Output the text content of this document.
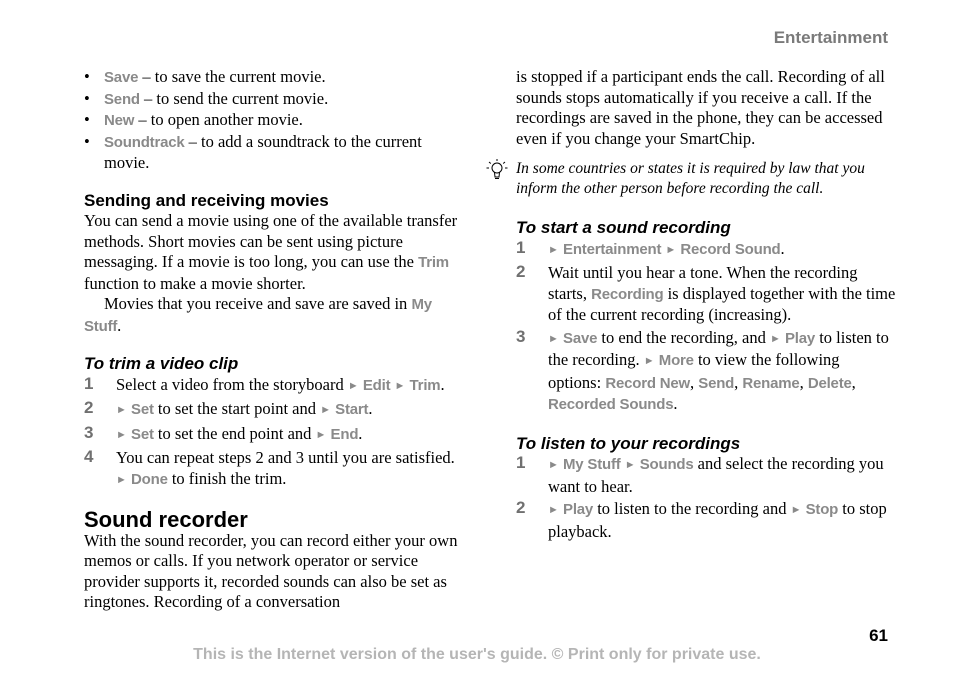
Entertainment
• Save – to save the current movie.
• Send – to send the current movie.
• New – to open another movie.
• Soundtrack – to add a soundtrack to the current movie.
Sending and receiving movies

You can send a movie using one of the available transfer methods. Short movies can be sent using picture messaging. If a movie is too long, you can use the Trim function to make a movie shorter.

Movies that you receive and save are saved in My Stuff.

To trim a video clip
1 Select a video from the storyboard ► Edit ► Trim.
2 ► Set to set the start point and ► Start.
3 ► Set to set the end point and ► End.
4 You can repeat steps 2 and 3 until you are satisfied. ► Done to finish the trim.
Sound recorder

With the sound recorder, you can record either your own memos or calls. If you network operator or service provider supports it, recorded sounds can also be set as ringtones. Recording of a conversation

is stopped if a participant ends the call. Recording of all sounds stops automatically if you receive a call. If the recordings are saved in the phone, they can be accessed even if you change your SmartChip.

In some countries or states it is required by law that you inform the other person before recording the call.
To start a sound recording
1 ► Entertainment ► Record Sound.
2 Wait until you hear a tone. When the recording starts, Recording is displayed together with the time of the current recording (increasing).
3 ► Save to end the recording, and ► Play to listen to the recording. ► More to view the following options: Record New, Send, Rename, Delete, Recorded Sounds.
To listen to your recordings
1 ► My Stuff ► Sounds and select the recording you want to hear.
2 ► Play to listen to the recording and ► Stop to stop playback.
61
This is the Internet version of the user's guide. © Print only for private use.
